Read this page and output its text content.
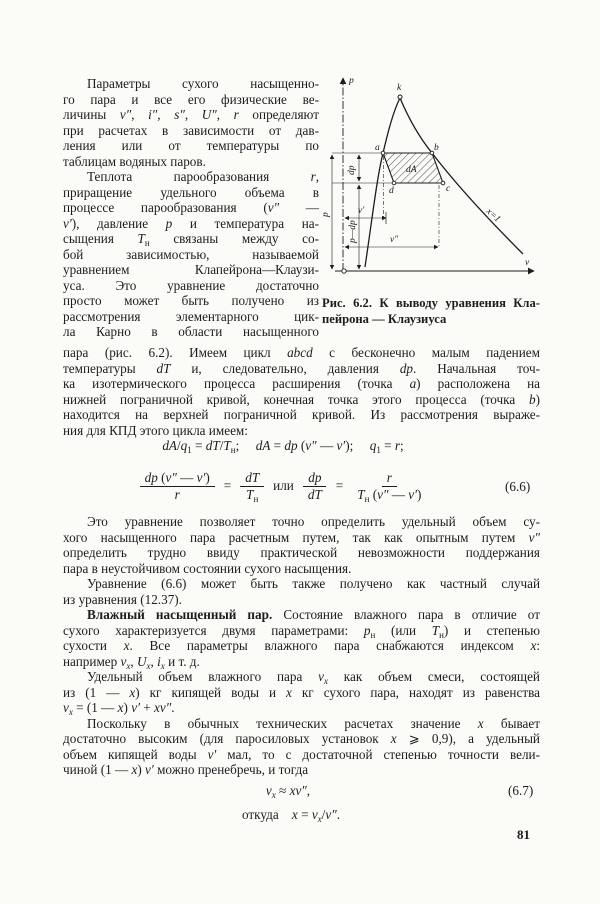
Параметры сухого насыщенно-
го пара и все его физические ве-
личины v″, i″, s″, U″, r определяют
при расчетах в зависимости от дав-
ления или от температуры по
таблицам водяных паров.
Теплота парообразования r,
приращение удельного объема в
процессе парообразования (v″ —
v′), давление p и температура на-
сыщения $T_н$ связаны между со-
бой зависимостью, называемой
уравнением Клапейрона—Клаузи-
уса. Это уравнение достаточно
просто может быть получено из
рассмотрения элементарного цик-
ла Карно в области насыщенного
p
v
x=1
k
a	b
c
d
dA
dp
p
p—dp
v′
v″
Рис. 6.2. К выводу уравнения Кла-
пейрона — Клаузиуса
пара (рис. 6.2). Имеем цикл abcd с бесконечно малым падением
температуры dT и, следовательно, давления dp. Начальная точ-
ка изотермического процесса расширения (точка a) расположена на
нижней пограничной кривой, конечная точка этого процесса (точка b)
находится на верхней пограничной кривой. Из рассмотрения выраже-
ния для КПД этого цикла имеем:
$dA/q_1 = dT/T_н$;  dA = dp (v″ — v′);  $q_1 = r$;
$\frac{dp (v'' — v')}{r} = \frac{dT}{T_н}$ или $\frac{dp}{dT} = \frac{r}{T_н (v'' — v')}$	(6.6)
Это уравнение позволяет точно определить удельный объем су-
хого насыщенного пара расчетным путем, так как опытным путем v″
определить трудно ввиду практической невозможности поддержания
пара в неустойчивом состоянии сухого насыщения.
Уравнение (6.6) может быть также получено как частный случай
из уравнения (12.37).
Влажный насыщенный пар. Состояние влажного пара в отличие от
сухого характеризуется двумя параметрами: $p_н$ (или $T_н$) и степенью
сухости x. Все параметры влажного пара снабжаются индексом x:
например $v_x$, $U_x$, $i_x$ и т. д.
Удельный объем влажного пара $v_x$ как объем смеси, состоящей
из (1 — x) кг кипящей воды и x кг сухого пара, находят из равенства
$v_x = (1$ — x) v′ + xv″.
Поскольку в обычных технических расчетах значение x бывает
достаточно высоким (для паросиловых установок x ⩾ 0,9), а удельный
объем кипящей воды v′ мал, то с достаточной степенью точности вели-
чиной (1 — x) v′ можно пренебречь, и тогда
$v_x \approx xv''$,	(6.7)
откуда $x = v_x/v''$.
81
